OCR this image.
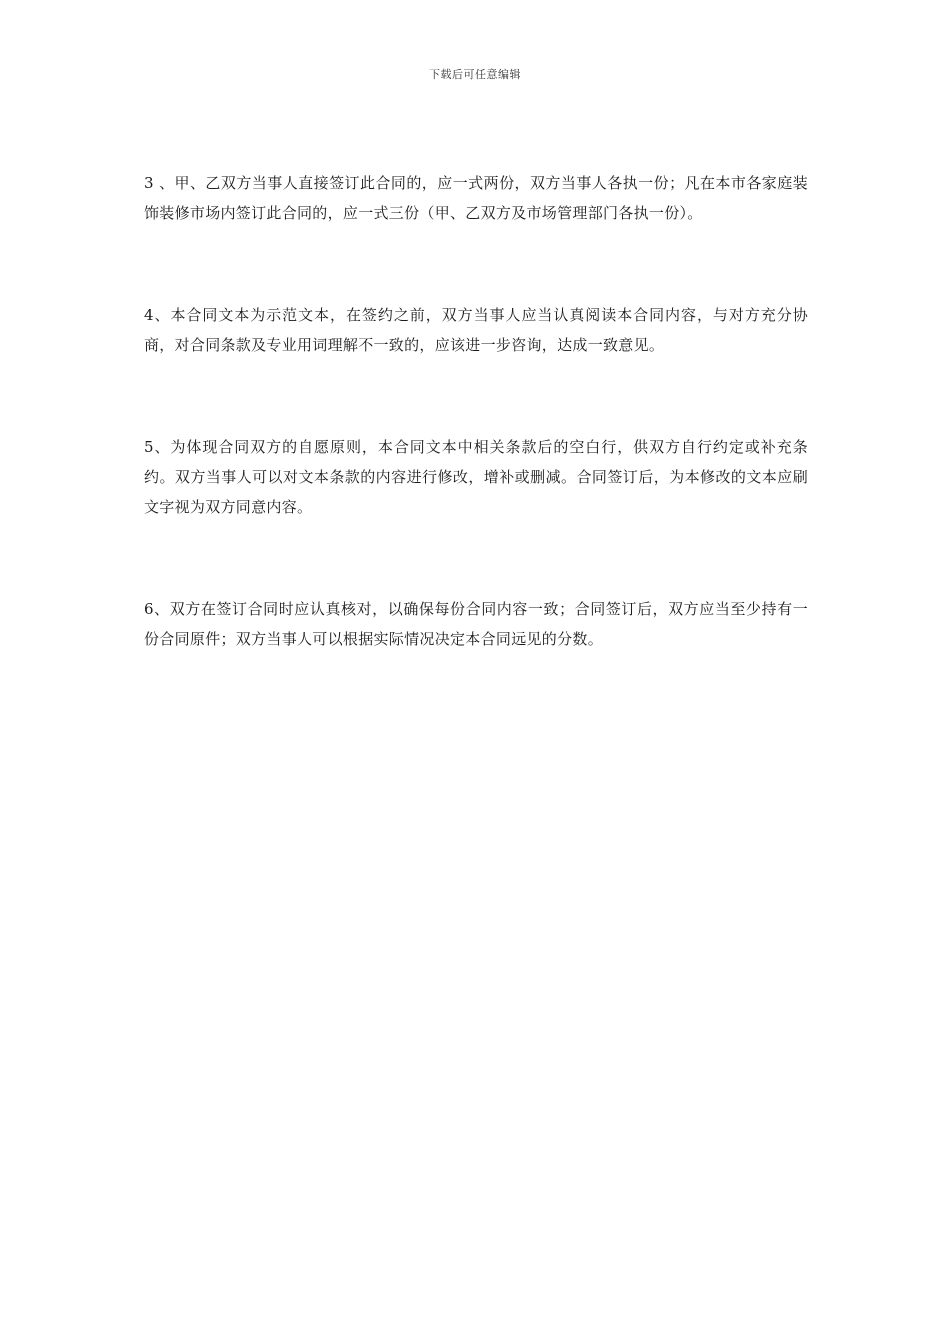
下载后可任意编辑

3 、甲、乙双方当事人直接签订此合同的，应一式两份，双方当事人各执一份；凡在本市各家庭装饰装修市场内签订此合同的，应一式三份（甲、乙双方及市场管理部门各执一份）。

4、本合同文本为示范文本，在签约之前，双方当事人应当认真阅读本合同内容，与对方充分协商，对合同条款及专业用词理解不一致的，应该进一步咨询，达成一致意见。

5、为体现合同双方的自愿原则，本合同文本中相关条款后的空白行，供双方自行约定或补充条约。双方当事人可以对文本条款的内容进行修改，增补或删减。合同签订后，为本修改的文本应刷文字视为双方同意内容。

6、双方在签订合同时应认真核对，以确保每份合同内容一致；合同签订后，双方应当至少持有一份合同原件；双方当事人可以根据实际情况决定本合同远见的分数。
